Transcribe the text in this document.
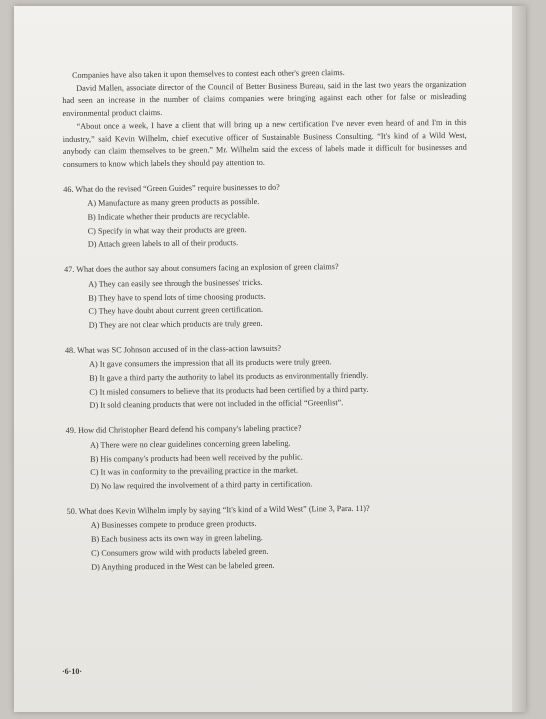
Companies have also taken it upon themselves to contest each other's green claims.

David Mallen, associate director of the Council of Better Business Bureau, said in the last two years the organization had seen an increase in the number of claims companies were bringing against each other for false or misleading environmental product claims.

“About once a week, I have a client that will bring up a new certification I've never even heard of and I'm in this industry,” said Kevin Wilhelm, chief executive officer of Sustainable Business Consulting. “It's kind of a Wild West, anybody can claim themselves to be green.” Mr. Wilhelm said the excess of labels made it difficult for businesses and consumers to know which labels they should pay attention to.

46. What do the revised “Green Guides” require businesses to do?

A) Manufacture as many green products as possible.
B) Indicate whether their products are recyclable.
C) Specify in what way their products are green.
D) Attach green labels to all of their products.

47. What does the author say about consumers facing an explosion of green claims?

A) They can easily see through the businesses' tricks.
B) They have to spend lots of time choosing products.
C) They have doubt about current green certification.
D) They are not clear which products are truly green.

48. What was SC Johnson accused of in the class-action lawsuits?

A) It gave consumers the impression that all its products were truly green.
B) It gave a third party the authority to label its products as environmentally friendly.
C) It misled consumers to believe that its products had been certified by a third party.
D) It sold cleaning products that were not included in the official “Greenlist”.

49. How did Christopher Beard defend his company's labeling practice?

A) There were no clear guidelines concerning green labeling.
B) His company's products had been well received by the public.
C) It was in conformity to the prevailing practice in the market.
D) No law required the involvement of a third party in certification.

50. What does Kevin Wilhelm imply by saying “It's kind of a Wild West” (Line 3, Para. 11)?

A) Businesses compete to produce green products.
B) Each business acts its own way in green labeling.
C) Consumers grow wild with products labeled green.
D) Anything produced in the West can be labeled green.
·6·10·
